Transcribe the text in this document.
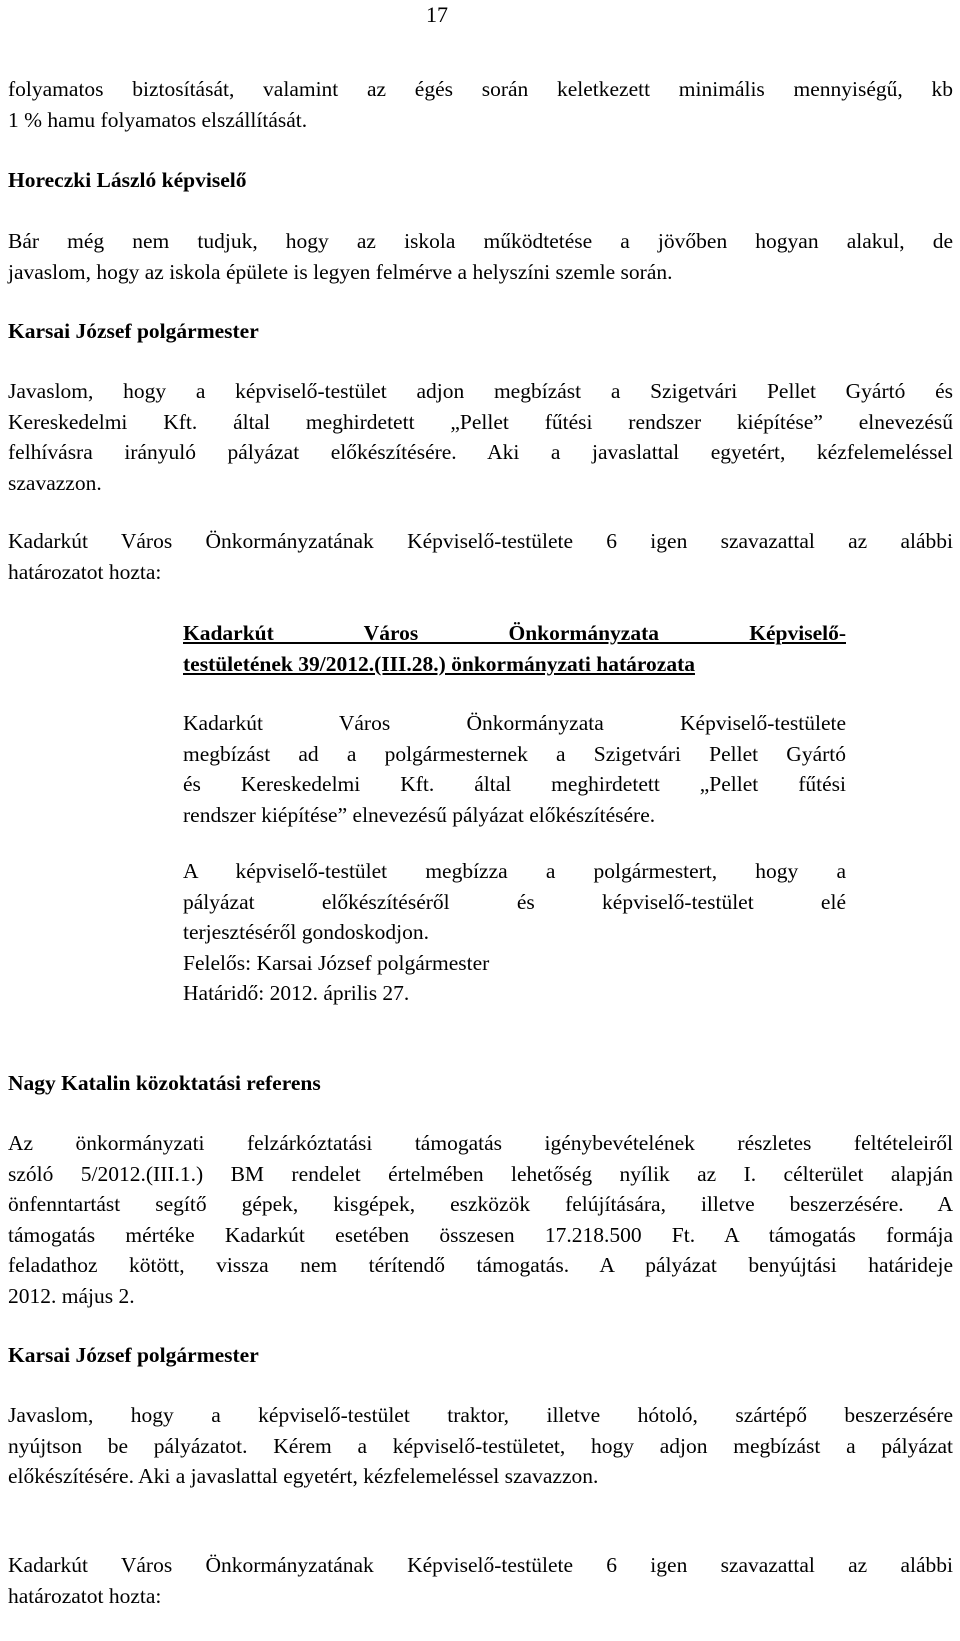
17
folyamatos biztosítását, valamint az égés során keletkezett minimális mennyiségű, kb
1 % hamu folyamatos elszállítását.
Horeczki László képviselő
Bár még nem tudjuk, hogy az iskola működtetése a jövőben hogyan alakul, de
javaslom, hogy az iskola épülete is legyen felmérve a helyszíni szemle során.
Karsai József polgármester
Javaslom, hogy a képviselő-testület adjon megbízást a Szigetvári Pellet Gyártó és
Kereskedelmi Kft. által meghirdetett „Pellet fűtési rendszer kiépítése” elnevezésű
felhívásra irányuló pályázat előkészítésére. Aki a javaslattal egyetért, kézfelemeléssel
szavazzon.
Kadarkút Város Önkormányzatának Képviselő-testülete 6 igen szavazattal az alábbi
határozatot hozta:
Kadarkút Város Önkormányzata Képviselő-
testületének 39/2012.(III.28.) önkormányzati határozata
Kadarkút Város Önkormányzata Képviselő-testülete
megbízást ad a polgármesternek a Szigetvári Pellet Gyártó
és Kereskedelmi Kft. által meghirdetett „Pellet fűtési
rendszer kiépítése” elnevezésű pályázat előkészítésére.
A képviselő-testület megbízza a polgármestert, hogy a
pályázat előkészítéséről és képviselő-testület elé
terjesztéséről gondoskodjon.
Felelős: Karsai József polgármester
Határidő: 2012. április 27.
Nagy Katalin közoktatási referens
Az önkormányzati felzárkóztatási támogatás igénybevételének részletes feltételeiről
szóló 5/2012.(III.1.) BM rendelet értelmében lehetőség nyílik az I. célterület alapján
önfenntartást segítő gépek, kisgépek, eszközök felújítására, illetve beszerzésére. A
támogatás mértéke Kadarkút esetében összesen 17.218.500 Ft. A támogatás formája
feladathoz kötött, vissza nem térítendő támogatás. A pályázat benyújtási határideje
2012. május 2.
Karsai József polgármester
Javaslom, hogy a képviselő-testület traktor, illetve hótoló, szártépő beszerzésére
nyújtson be pályázatot. Kérem a képviselő-testületet, hogy adjon megbízást a pályázat
előkészítésére. Aki a javaslattal egyetért, kézfelemeléssel szavazzon.
Kadarkút Város Önkormányzatának Képviselő-testülete 6 igen szavazattal az alábbi
határozatot hozta:
